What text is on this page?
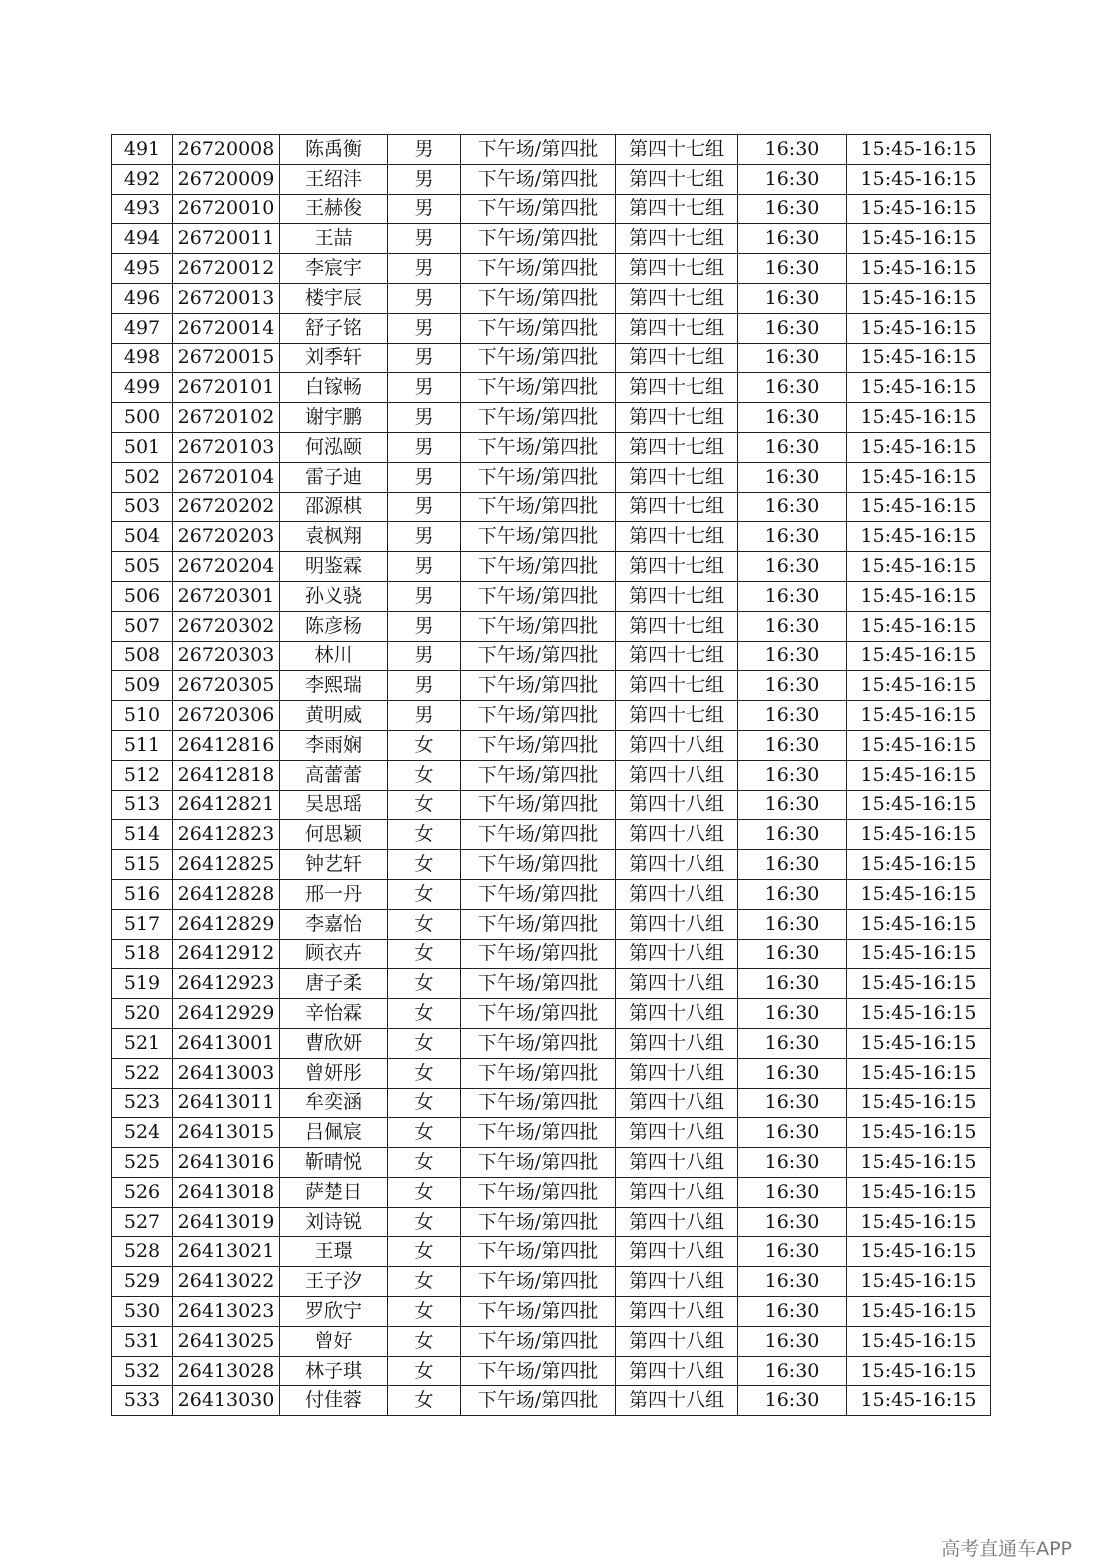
491	26720008	陈禹衡	男	下午场/第四批	第四十七组	16:30	15:45-16:15
492	26720009	王绍沣	男	下午场/第四批	第四十七组	16:30	15:45-16:15
493	26720010	王赫俊	男	下午场/第四批	第四十七组	16:30	15:45-16:15
494	26720011	王喆	男	下午场/第四批	第四十七组	16:30	15:45-16:15
495	26720012	李宸宇	男	下午场/第四批	第四十七组	16:30	15:45-16:15
496	26720013	楼宇辰	男	下午场/第四批	第四十七组	16:30	15:45-16:15
497	26720014	舒子铭	男	下午场/第四批	第四十七组	16:30	15:45-16:15
498	26720015	刘季轩	男	下午场/第四批	第四十七组	16:30	15:45-16:15
499	26720101	白镓畅	男	下午场/第四批	第四十七组	16:30	15:45-16:15
500	26720102	谢宇鹏	男	下午场/第四批	第四十七组	16:30	15:45-16:15
501	26720103	何泓颐	男	下午场/第四批	第四十七组	16:30	15:45-16:15
502	26720104	雷子迪	男	下午场/第四批	第四十七组	16:30	15:45-16:15
503	26720202	邵源棋	男	下午场/第四批	第四十七组	16:30	15:45-16:15
504	26720203	袁枫翔	男	下午场/第四批	第四十七组	16:30	15:45-16:15
505	26720204	明鉴霖	男	下午场/第四批	第四十七组	16:30	15:45-16:15
506	26720301	孙义骁	男	下午场/第四批	第四十七组	16:30	15:45-16:15
507	26720302	陈彦杨	男	下午场/第四批	第四十七组	16:30	15:45-16:15
508	26720303	林川	男	下午场/第四批	第四十七组	16:30	15:45-16:15
509	26720305	李熙瑞	男	下午场/第四批	第四十七组	16:30	15:45-16:15
510	26720306	黄明威	男	下午场/第四批	第四十七组	16:30	15:45-16:15
511	26412816	李雨娴	女	下午场/第四批	第四十八组	16:30	15:45-16:15
512	26412818	高蕾蕾	女	下午场/第四批	第四十八组	16:30	15:45-16:15
513	26412821	吴思瑶	女	下午场/第四批	第四十八组	16:30	15:45-16:15
514	26412823	何思颖	女	下午场/第四批	第四十八组	16:30	15:45-16:15
515	26412825	钟艺轩	女	下午场/第四批	第四十八组	16:30	15:45-16:15
516	26412828	邢一丹	女	下午场/第四批	第四十八组	16:30	15:45-16:15
517	26412829	李嘉怡	女	下午场/第四批	第四十八组	16:30	15:45-16:15
518	26412912	顾衣卉	女	下午场/第四批	第四十八组	16:30	15:45-16:15
519	26412923	唐子柔	女	下午场/第四批	第四十八组	16:30	15:45-16:15
520	26412929	辛怡霖	女	下午场/第四批	第四十八组	16:30	15:45-16:15
521	26413001	曹欣妍	女	下午场/第四批	第四十八组	16:30	15:45-16:15
522	26413003	曾妍彤	女	下午场/第四批	第四十八组	16:30	15:45-16:15
523	26413011	牟奕涵	女	下午场/第四批	第四十八组	16:30	15:45-16:15
524	26413015	吕佩宸	女	下午场/第四批	第四十八组	16:30	15:45-16:15
525	26413016	靳晴悦	女	下午场/第四批	第四十八组	16:30	15:45-16:15
526	26413018	萨楚日	女	下午场/第四批	第四十八组	16:30	15:45-16:15
527	26413019	刘诗锐	女	下午场/第四批	第四十八组	16:30	15:45-16:15
528	26413021	王璟	女	下午场/第四批	第四十八组	16:30	15:45-16:15
529	26413022	王子汐	女	下午场/第四批	第四十八组	16:30	15:45-16:15
530	26413023	罗欣宁	女	下午场/第四批	第四十八组	16:30	15:45-16:15
531	26413025	曾好	女	下午场/第四批	第四十八组	16:30	15:45-16:15
532	26413028	林子琪	女	下午场/第四批	第四十八组	16:30	15:45-16:15
533	26413030	付佳蓉	女	下午场/第四批	第四十八组	16:30	15:45-16:15
高考直通车APP
